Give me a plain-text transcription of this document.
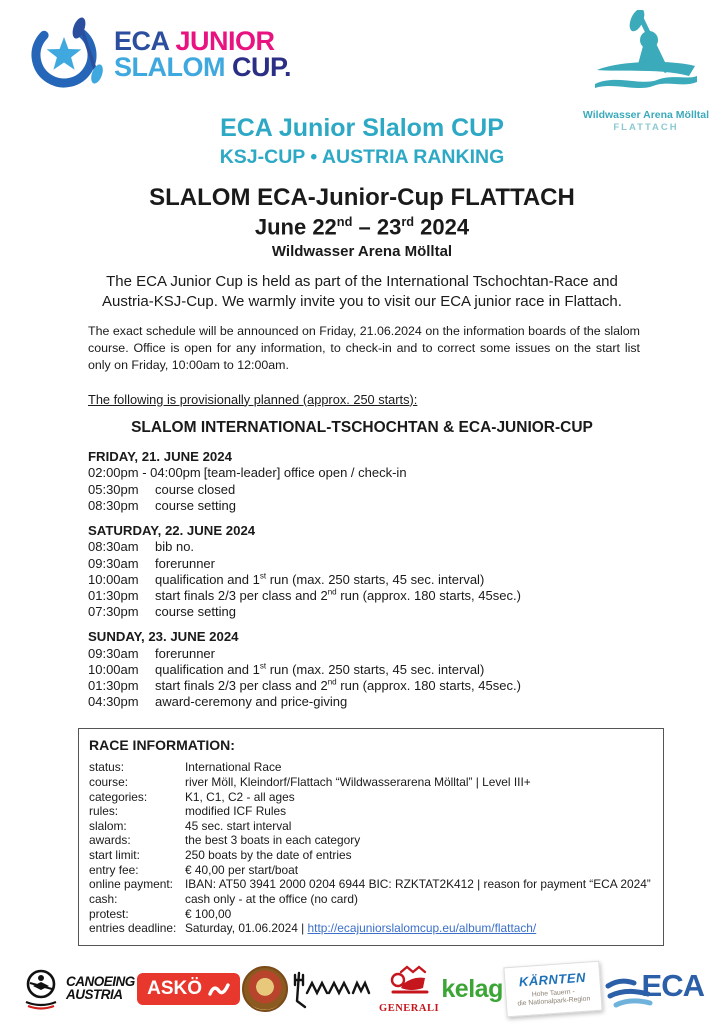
ECA JUNIOR
SLALOM CUP.
Wildwasser Arena Mölltal
FLATTACH
ECA Junior Slalom CUP
KSJ-CUP • AUSTRIA RANKING
SLALOM ECA-Junior-Cup FLATTACH
June 22nd – 23rd 2024
Wildwasser Arena Mölltal

The ECA Junior Cup is held as part of the International Tschochtan-Race and Austria-KSJ-Cup. We warmly invite you to visit our ECA junior race in Flattach.

The exact schedule will be announced on Friday, 21.06.2024 on the information boards of the slalom course. Office is open for any information, to check-in and to correct some issues on the start list only on Friday, 10:00am to 12:00am.

The following is provisionally planned (approx. 250 starts):
SLALOM INTERNATIONAL-TSCHOCHTAN & ECA-JUNIOR-CUP
FRIDAY, 21. JUNE 2024
02:00pm - 04:00pm [team-leader] office open / check-in
05:30pm course closed
08:30pm course setting
SATURDAY, 22. JUNE 2024
08:30am bib no.
09:30am forerunner
10:00am qualification and 1st run (max. 250 starts, 45 sec. interval)
01:30pm start finals 2/3 per class and 2nd run (approx. 180 starts, 45sec.)
07:30pm course setting
SUNDAY, 23. JUNE 2024
09:30am forerunner
10:00am qualification and 1st run (max. 250 starts, 45 sec. interval)
01:30pm start finals 2/3 per class and 2nd run (approx. 180 starts, 45sec.)
04:30pm award-ceremony and price-giving
RACE INFORMATION:
status:	International Race
course:	river Möll, Kleindorf/Flattach “Wildwasserarena Mölltal” | Level III+
categories:	K1, C1, C2 - all ages
rules:	modified ICF Rules
slalom:	45 sec. start interval
awards:	the best 3 boats in each category
start limit:	250 boats by the date of entries
entry fee:	€ 40,00 per start/boat
online payment:	IBAN: AT50 3941 2000 0204 6944 BIC: RZKTAT2K412 | reason for payment “ECA 2024”
cash:	cash only - at the office (no card)
protest:	€ 100,00
entries deadline: Saturday, 01.06.2024 | http://ecajuniorslalomcup.eu/album/flattach/
CANOEING
AUSTRIA	ASKÖ
GENERALI
kelag	KÄRNTEN
Hohe Tauern -
die Nationalpark-Region ECA
